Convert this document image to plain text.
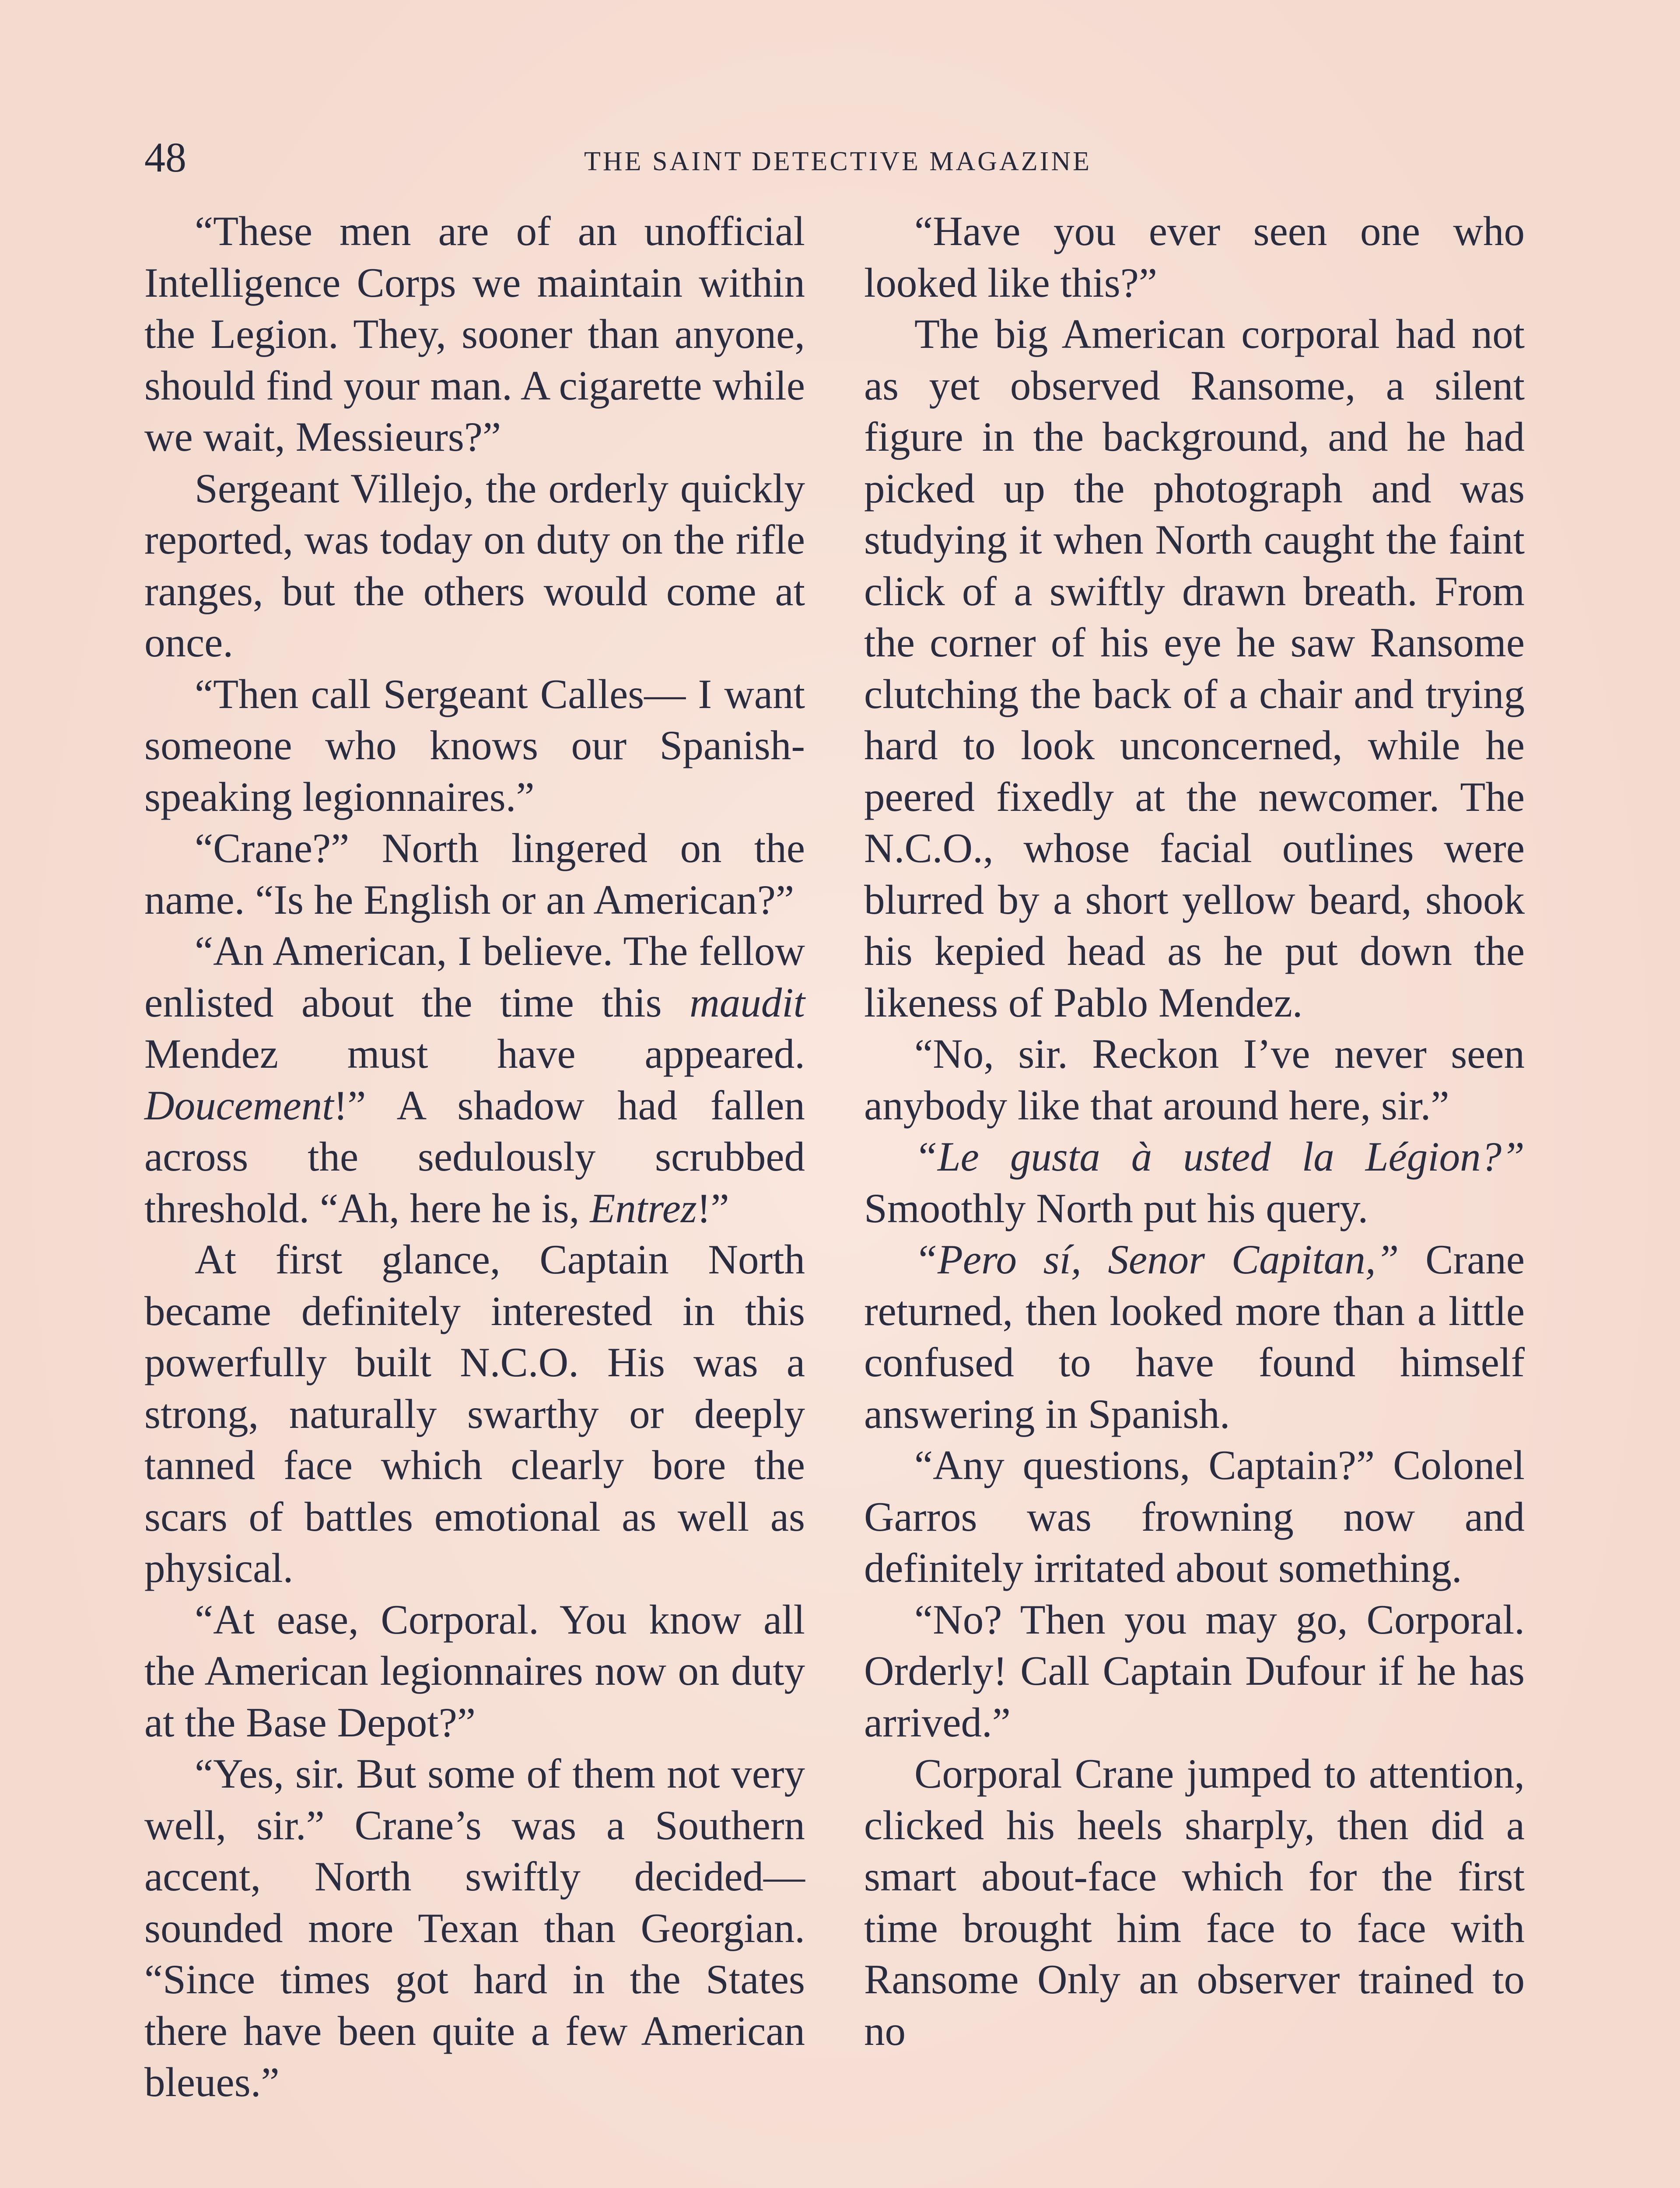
48	THE SAINT DETECTIVE MAGAZINE

“These men are of an unofficial Intelligence Corps we maintain within the Legion. They, sooner than anyone, should find your man. A cigarette while we wait, Messieurs?”

Sergeant Villejo, the orderly quickly reported, was today on duty on the rifle ranges, but the others would come at once.

“Then call Sergeant Calles— I want someone who knows our Spanish-speaking legionnaires.”

“Crane?” North lingered on the name. “Is he English or an American?”

“An American, I believe. The fellow enlisted about the time this maudit Mendez must have appeared. Doucement!” A shadow had fallen across the sedulously scrubbed threshold. “Ah, here he is, Entrez!”

At first glance, Captain North became definitely interested in this powerfully built N.C.O. His was a strong, naturally swarthy or deeply tanned face which clearly bore the scars of battles emotional as well as physical.

“At ease, Corporal. You know all the American legionnaires now on duty at the Base Depot?”

“Yes, sir. But some of them not very well, sir.” Crane’s was a Southern accent, North swiftly decided—sounded more Texan than Georgian. “Since times got hard in the States there have been quite a few American bleues.”

“Have you ever seen one who looked like this?”

The big American corporal had not as yet observed Ransome, a silent figure in the background, and he had picked up the photograph and was studying it when North caught the faint click of a swiftly drawn breath. From the corner of his eye he saw Ransome clutching the back of a chair and trying hard to look unconcerned, while he peered fixedly at the newcomer. The N.C.O., whose facial outlines were blurred by a short yellow beard, shook his kepied head as he put down the likeness of Pablo Mendez.

“No, sir. Reckon I’ve never seen anybody like that around here, sir.”

“Le gusta à usted la Légion?” Smoothly North put his query.

“Pero sí, Senor Capitan,” Crane returned, then looked more than a little confused to have found himself answering in Spanish.

“Any questions, Captain?” Colonel Garros was frowning now and definitely irritated about something.

“No? Then you may go, Corporal. Orderly! Call Captain Dufour if he has arrived.”

Corporal Crane jumped to attention, clicked his heels sharply, then did a smart about-face which for the first time brought him face to face with Ransome Only an observer trained to no
